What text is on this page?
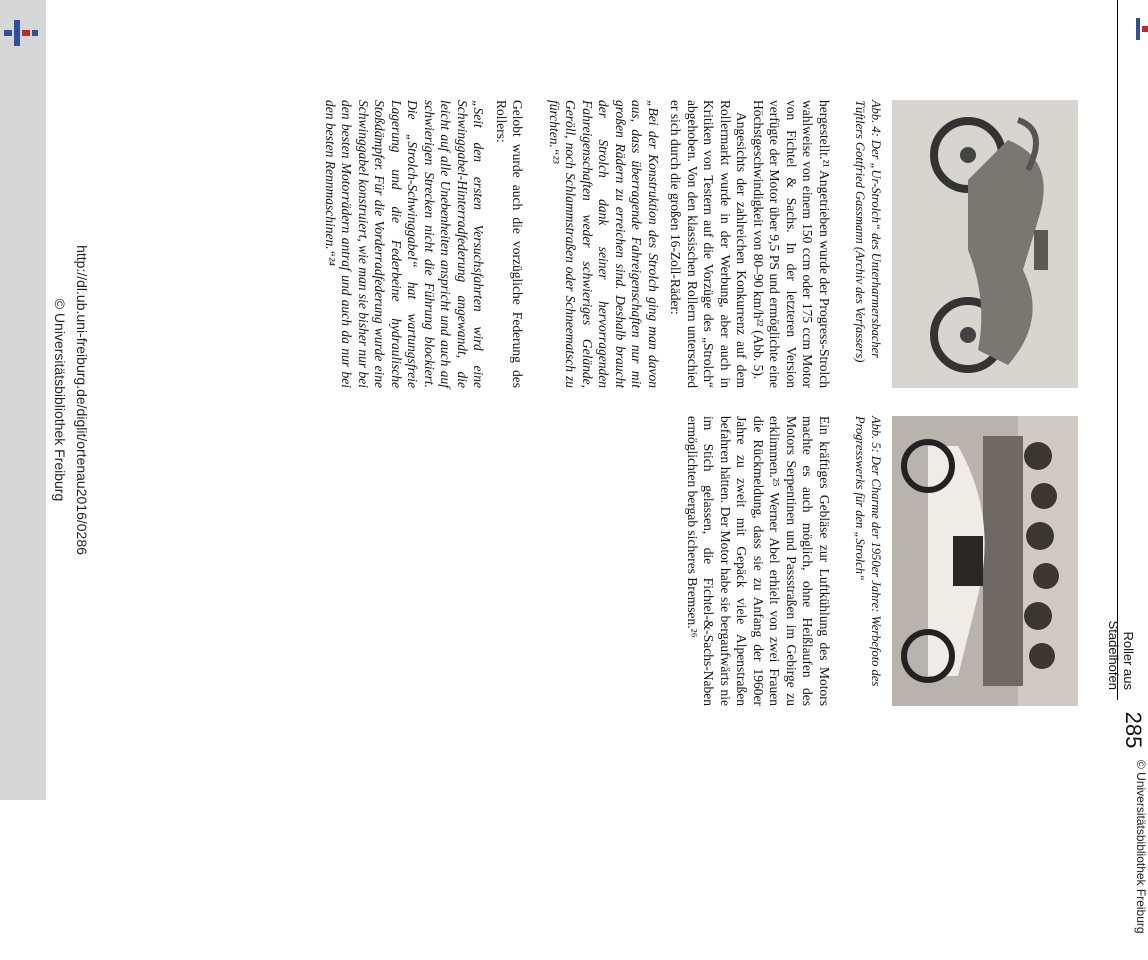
Roller aus Stadelhofen
285
© Universitätsbibliothek Freiburg
Abb. 4: Der „Ur-Strolch“ des Unterharmersbacher Tüftlers Gottfried Gassmann (Archiv des Verfassers)
Abb. 5: Der Charme der 1950er Jahre: Werbefoto des Progresswerks für den „Strolch“

hergestellt.²¹ Angetrieben wurde der Progress-Strolch wahlweise von einem 150 ccm oder 175 ccm Motor von Fichtel & Sachs. In der letzteren Version verfügte der Motor über 9,5 PS und ermöglichte eine Höchstgeschwindigkeit von 80–90 km/h²² (Abb. 5).

Angesichts der zahlreichen Konkurrenz auf dem Rollermarkt wurde in der Werbung, aber auch in Kritiken von Testern auf die Vorzüge des „Strolch“ abgehoben. Von den klassischen Rollern unterschied er sich durch die großen 16-Zoll-Räder:

„Bei der Konstruktion des Strolch ging man davon aus, dass überragende Fahreigenschaften nur mit großen Rädern zu erreichen sind. Deshalb braucht der Strolch dank seiner hervorragenden Fahreigenschaften weder schwieriges Gelände, Geröll, noch Schlammstraßen oder Schneematsch zu fürchten.“²³

Gelobt wurde auch die vorzügliche Federung des Rollers:

„Seit den ersten Versuchsfahrten wird eine Schwinggabel-Hinterradfederung angewandt, die leicht auf alle Unebenheiten anspricht und auch auf schwierigen Strecken nicht die Führung blockiert. Die „Strolch-Schwinggabel“ hat wartungsfreie Lagerung und die Federbeine hydraulische Stoßdämpfer. Für die Vorderradfederung wurde eine Schwinggabel konstruiert, wie man sie bisher nur bei den besten Motorrädern antraf und auch da nur bei den besten Rennmaschinen.“²⁴

Ein kräftiges Gebläse zur Luftkühlung des Motors machte es auch möglich, ohne Heißlaufen des Motors Serpentinen und Passstraßen im Gebirge zu erklimmen.²⁵ Werner Abel erhielt von zwei Frauen die Rückmeldung, dass sie zu Anfang der 1960er Jahre zu zweit mit Gepäck viele Alpenstraßen befahren hätten. Der Motor habe sie bergaufwärts nie im Stich gelassen, die Fichtel-&-Sachs-Naben ermöglichten bergab sicheres Bremsen.²⁶

http://dl.ub.uni-freiburg.de/diglit/ortenau2016/0286
© Universitätsbibliothek Freiburg
